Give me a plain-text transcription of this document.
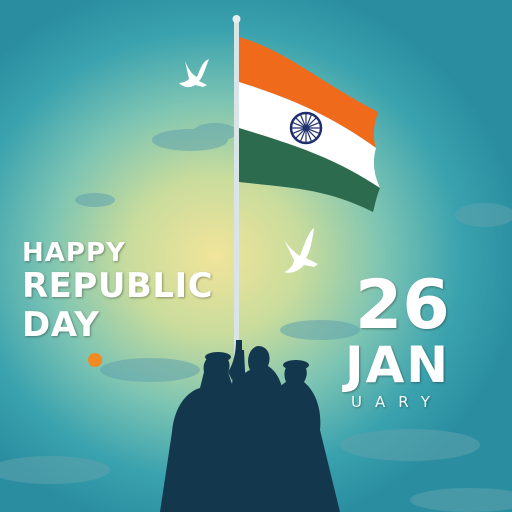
HAPPY
REPUBLIC
DAY	26
JAN
UARY
